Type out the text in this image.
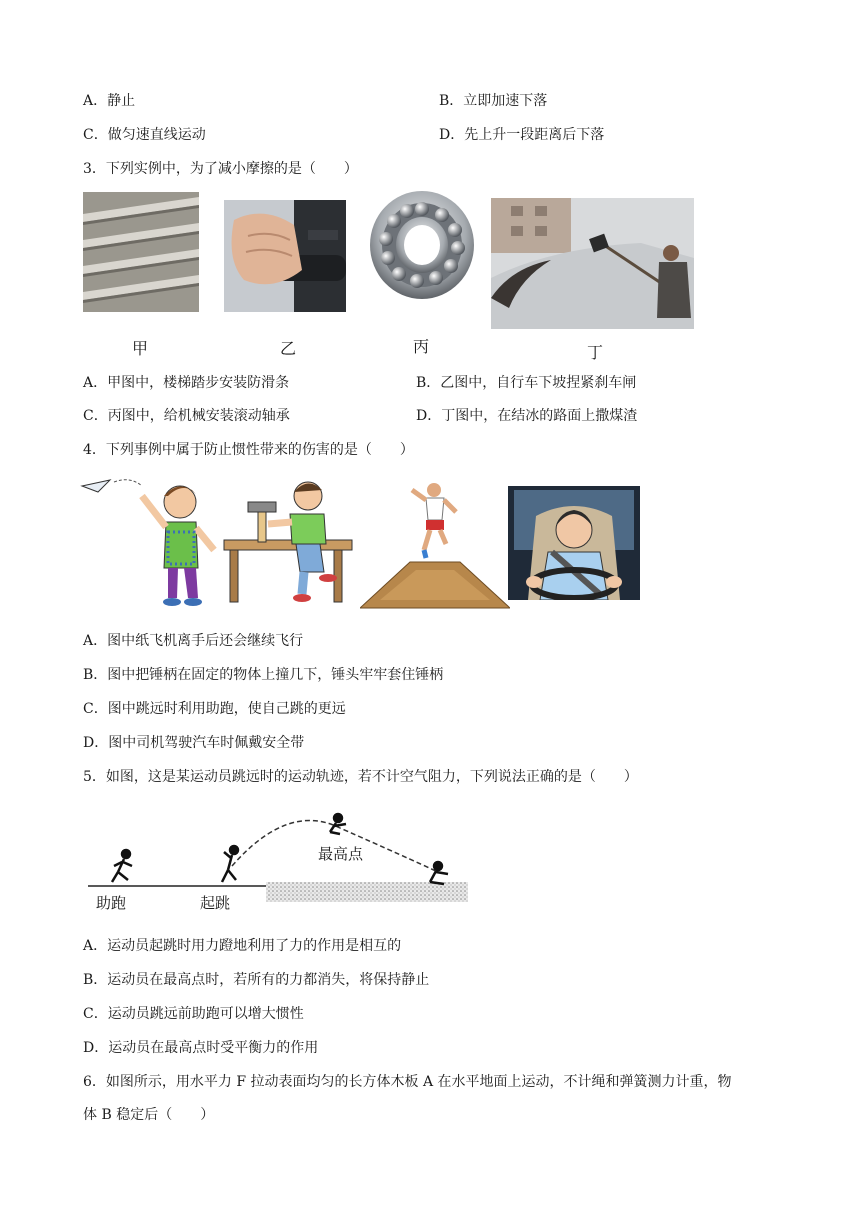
A．静止	B．立即加速下落
C．做匀速直线运动	D．先上升一段距离后下落
3．下列实例中，为了减小摩擦的是（　　）
甲	乙	丙	丁
A．甲图中，楼梯踏步安装防滑条	B．乙图中，自行车下坡捏紧刹车闸
C．丙图中，给机械安装滚动轴承	D．丁图中，在结冰的路面上撒煤渣
4．下列事例中属于防止惯性带来的伤害的是（　　）
A．图中纸飞机离手后还会继续飞行
B．图中把锤柄在固定的物体上撞几下，锤头牢牢套住锤柄
C．图中跳远时利用助跑，使自己跳的更远
D．图中司机驾驶汽车时佩戴安全带
5．如图，这是某运动员跳远时的运动轨迹，若不计空气阻力，下列说法正确的是（　　）
助跑	起跳
最高点
A．运动员起跳时用力蹬地利用了力的作用是相互的
B．运动员在最高点时，若所有的力都消失，将保持静止
C．运动员跳远前助跑可以增大惯性
D．运动员在最高点时受平衡力的作用
6．如图所示，用水平力 F 拉动表面均匀的长方体木板 A 在水平地面上运动，不计绳和弹簧测力计重，物
体 B 稳定后（　　）
